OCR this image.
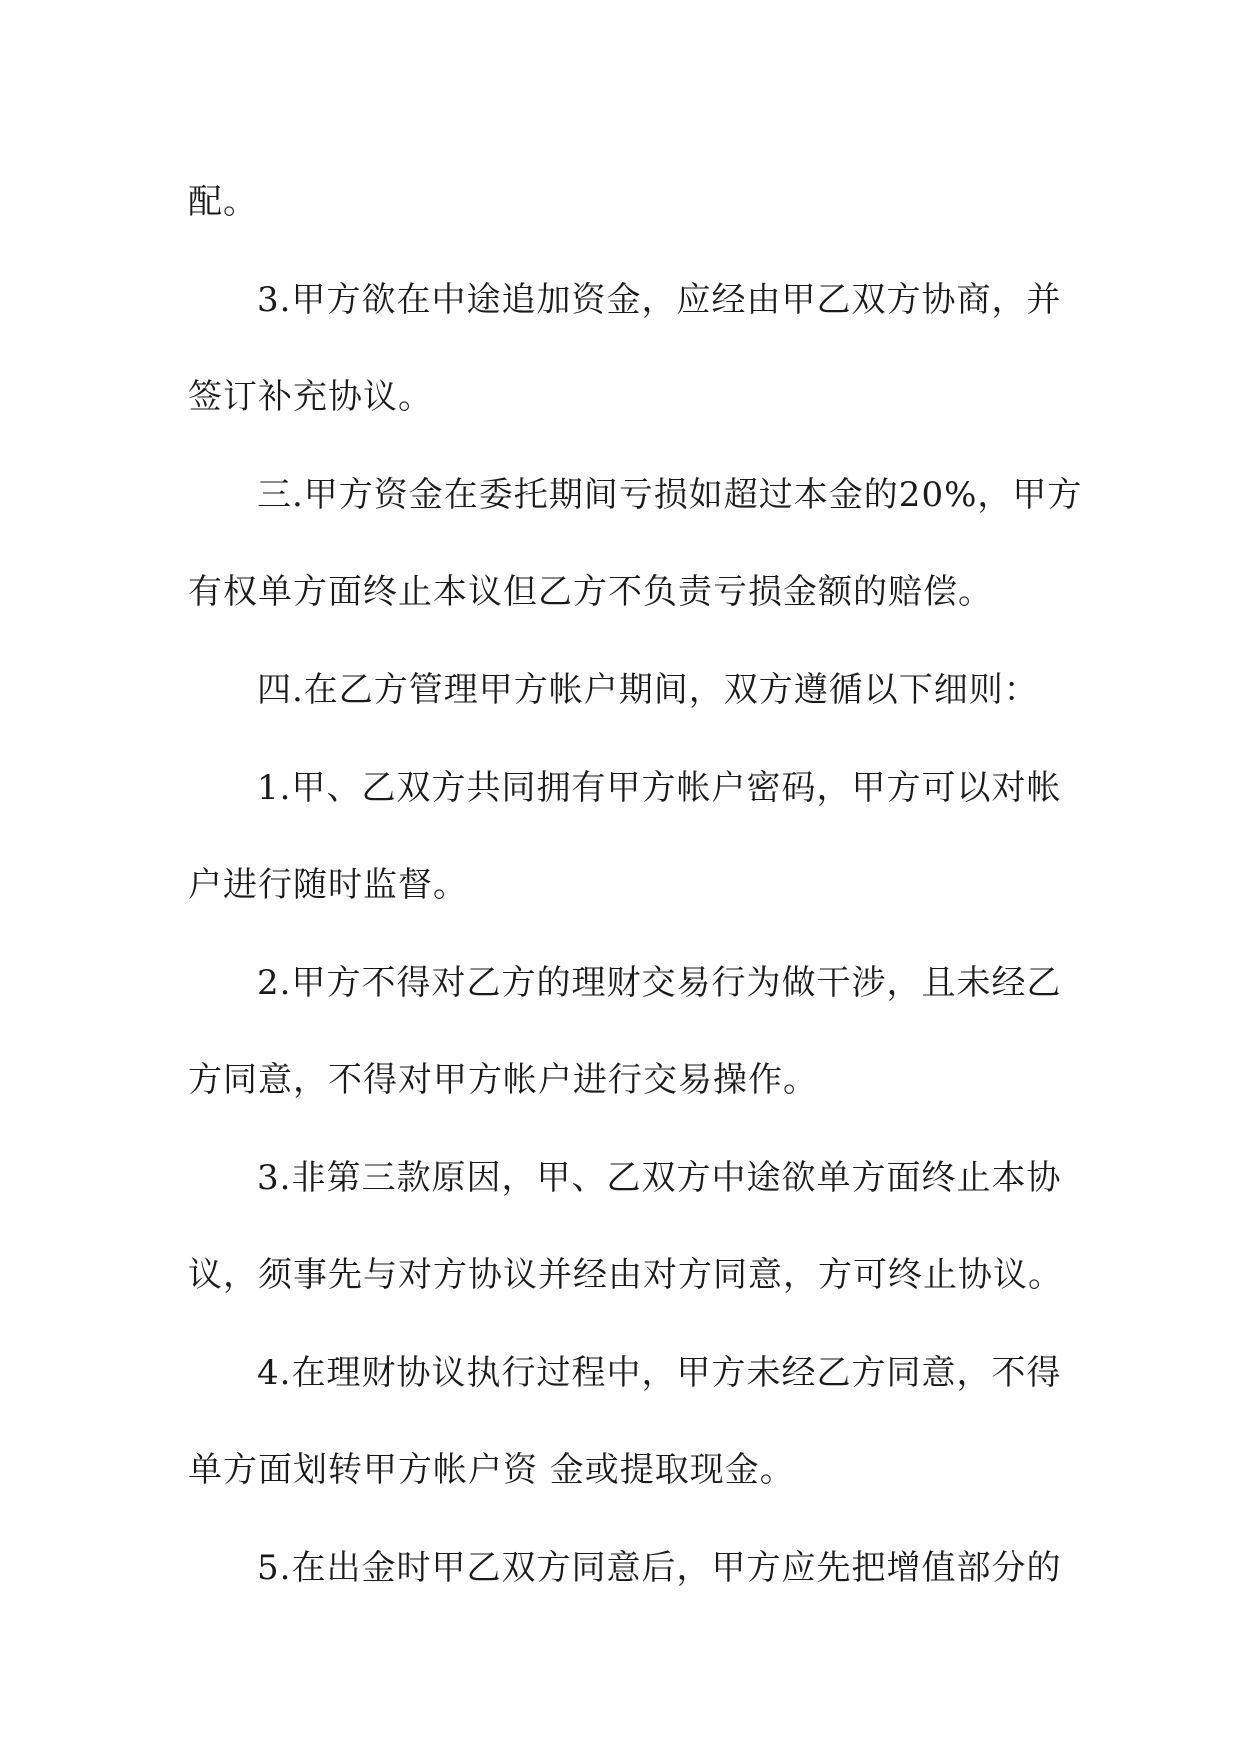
配。

3.甲方欲在中途追加资金，应经由甲乙双方协商，并

签订补充协议。

三.甲方资金在委托期间亏损如超过本金的20%，甲方

有权单方面终止本议但乙方不负责亏损金额的赔偿。

四.在乙方管理甲方帐户期间，双方遵循以下细则：

1.甲、乙双方共同拥有甲方帐户密码，甲方可以对帐

户进行随时监督。

2.甲方不得对乙方的理财交易行为做干涉，且未经乙

方同意，不得对甲方帐户进行交易操作。

3.非第三款原因，甲、乙双方中途欲单方面终止本协

议，须事先与对方协议并经由对方同意，方可终止协议。

4.在理财协议执行过程中，甲方未经乙方同意，不得

单方面划转甲方帐户资 金或提取现金。

5.在出金时甲乙双方同意后，甲方应先把增值部分的
